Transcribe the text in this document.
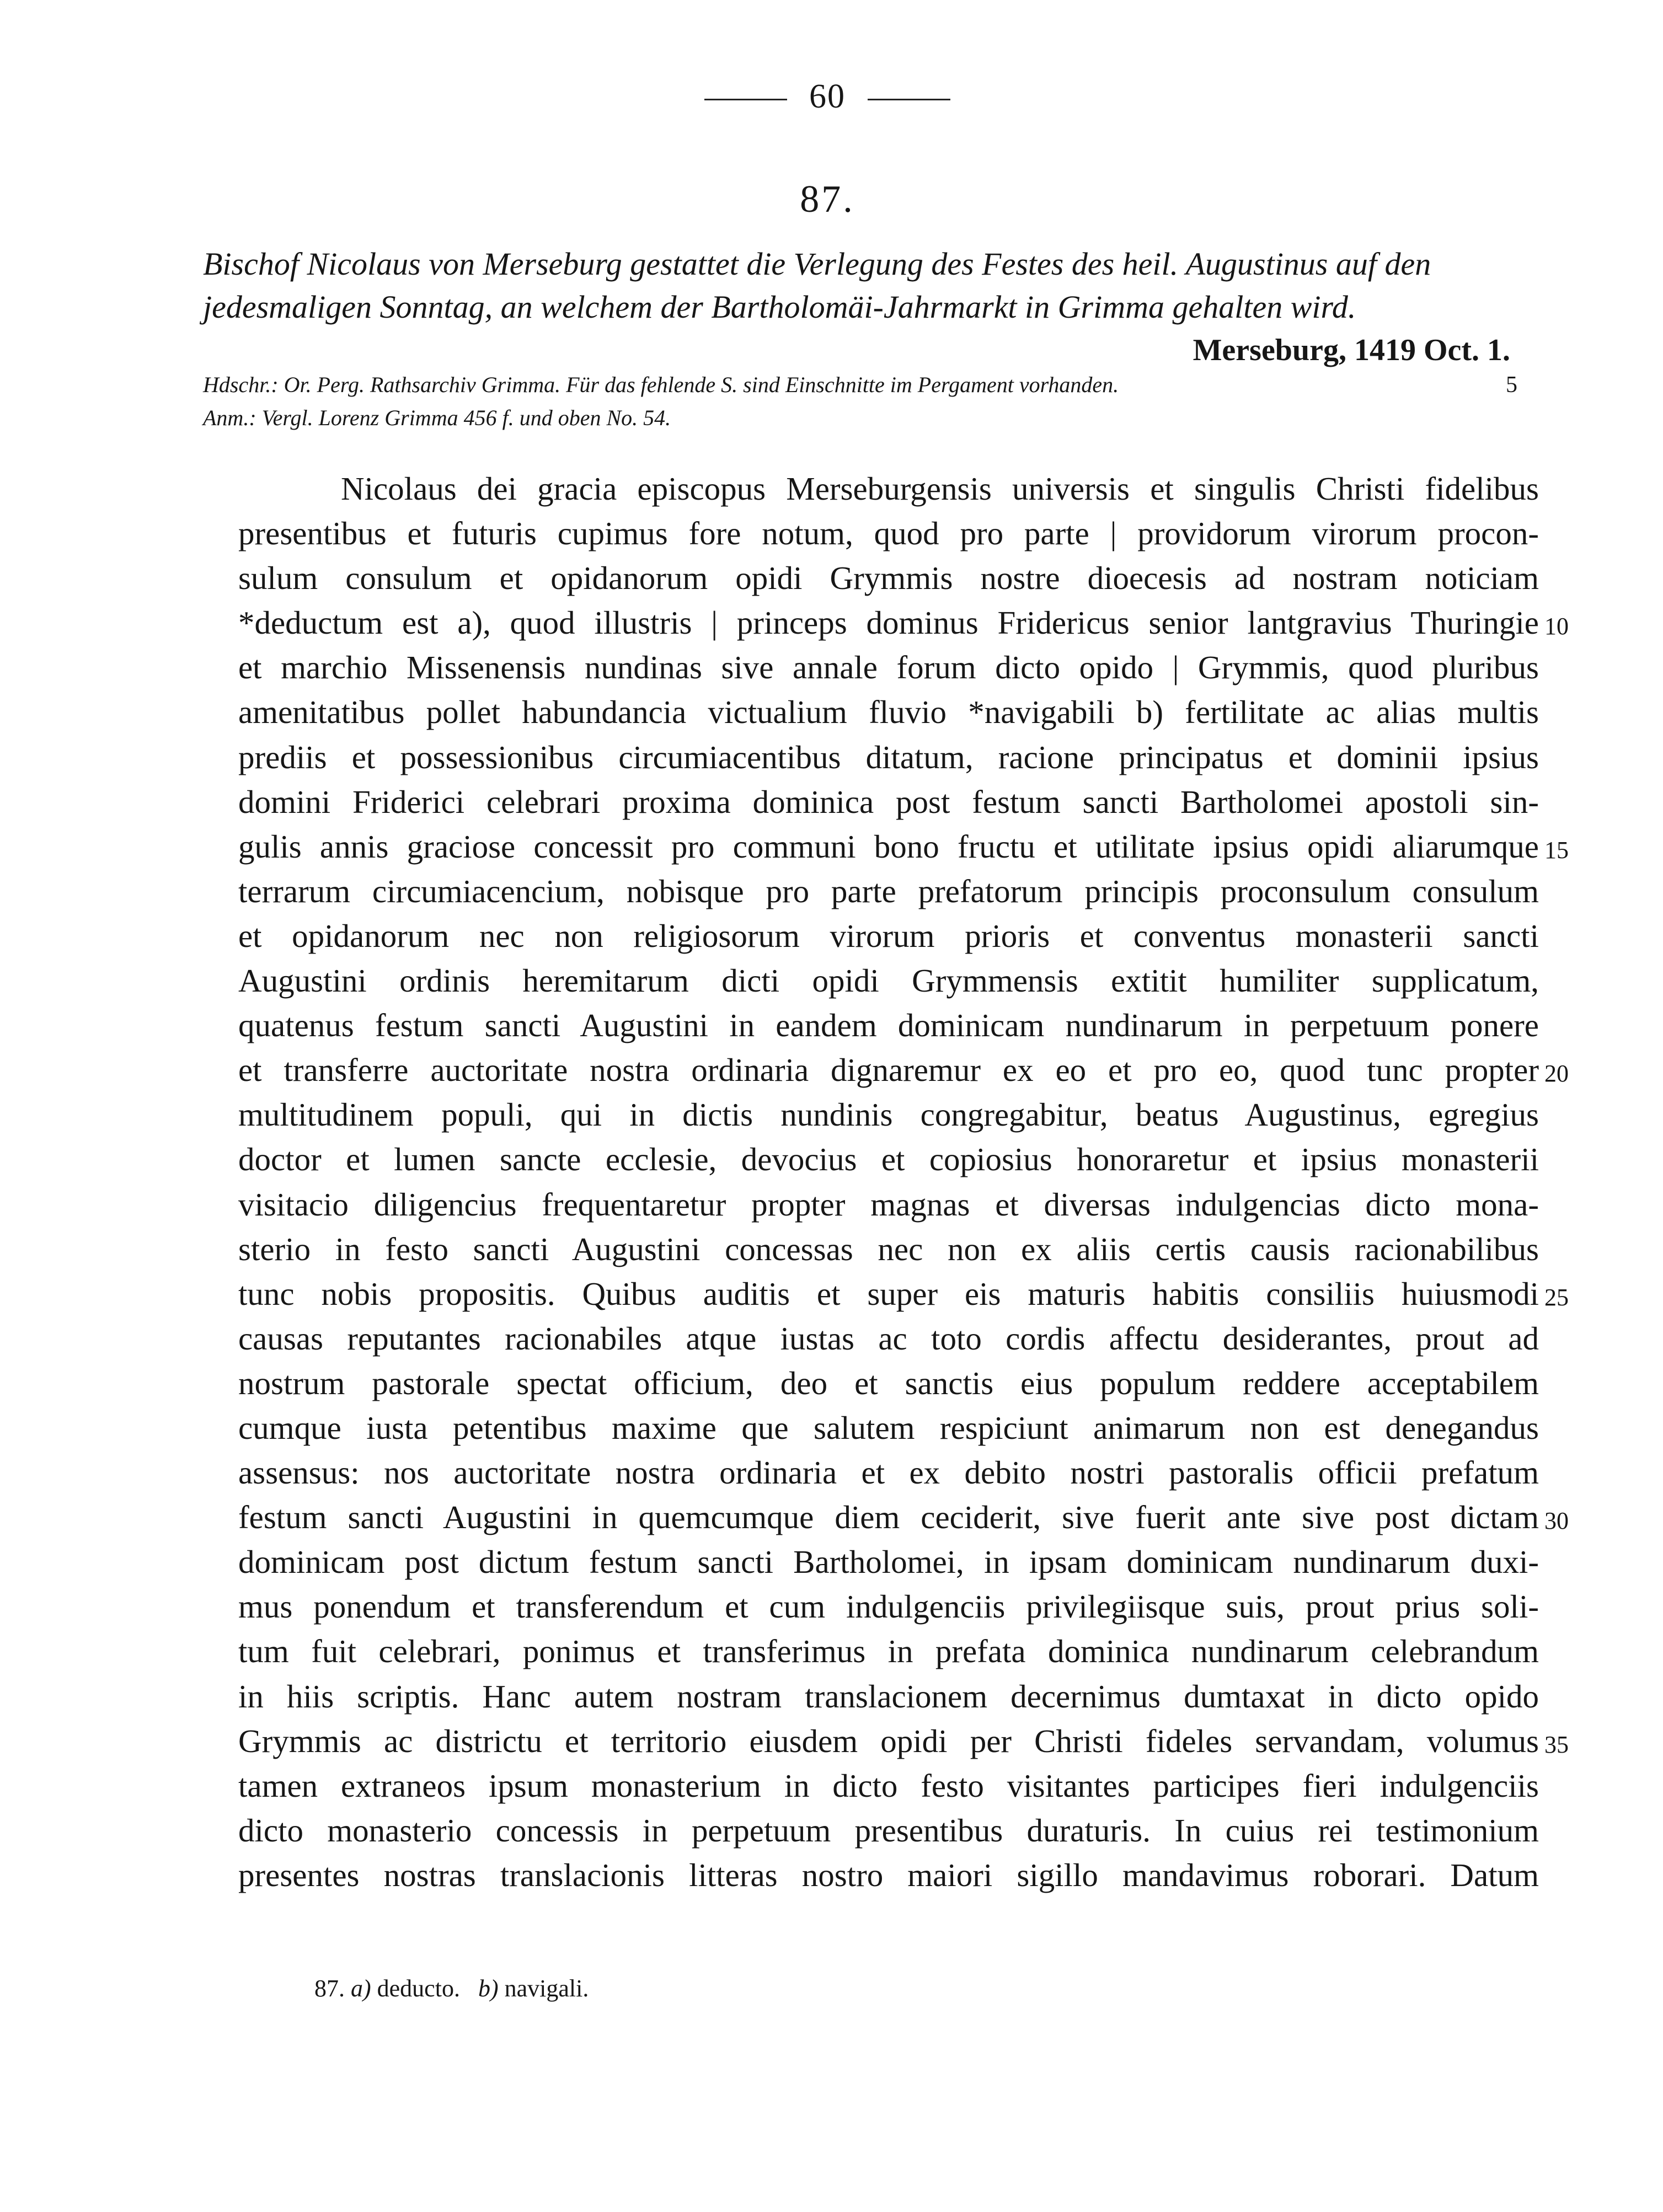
60
87.
Bischof Nicolaus von Merseburg gestattet die Verlegung des Festes des heil. Augustinus auf den
jedesmaligen Sonntag, an welchem der Bartholomäi-Jahrmarkt in Grimma gehalten wird.
Merseburg, 1419 Oct. 1.
Hdschr.: Or. Perg. Rathsarchiv Grimma. Für das fehlende S. sind Einschnitte im Pergament vorhanden.	5
Anm.: Vergl. Lorenz Grimma 456 f. und oben No. 54.
Nicolaus dei gracia episcopus Merseburgensis universis et singulis Christi fidelibus
presentibus et futuris cupimus fore notum, quod pro parte | providorum virorum procon-
sulum consulum et opidanorum opidi Grymmis nostre dioecesis ad nostram noticiam
*deductum est a), quod illustris | princeps dominus Fridericus senior lantgravius Thuringie 10
et marchio Missenensis nundinas sive annale forum dicto opido | Grymmis, quod pluribus
amenitatibus pollet habundancia victualium fluvio *navigabili b) fertilitate ac alias multis
prediis et possessionibus circumiacentibus ditatum, racione principatus et dominii ipsius
domini Friderici celebrari proxima dominica post festum sancti Bartholomei apostoli sin-
gulis annis graciose concessit pro communi bono fructu et utilitate ipsius opidi aliarumque 15
terrarum circumiacencium, nobisque pro parte prefatorum principis proconsulum consulum
et opidanorum nec non religiosorum virorum prioris et conventus monasterii sancti
Augustini ordinis heremitarum dicti opidi Grymmensis extitit humiliter supplicatum,
quatenus festum sancti Augustini in eandem dominicam nundinarum in perpetuum ponere
et transferre auctoritate nostra ordinaria dignaremur ex eo et pro eo, quod tunc propter 20
multitudinem populi, qui in dictis nundinis congregabitur, beatus Augustinus, egregius
doctor et lumen sancte ecclesie, devocius et copiosius honoraretur et ipsius monasterii
visitacio diligencius frequentaretur propter magnas et diversas indulgencias dicto mona-
sterio in festo sancti Augustini concessas nec non ex aliis certis causis racionabilibus
tunc nobis propositis. Quibus auditis et super eis maturis habitis consiliis huiusmodi 25
causas reputantes racionabiles atque iustas ac toto cordis affectu desiderantes, prout ad
nostrum pastorale spectat officium, deo et sanctis eius populum reddere acceptabilem
cumque iusta petentibus maxime que salutem respiciunt animarum non est denegandus
assensus: nos auctoritate nostra ordinaria et ex debito nostri pastoralis officii prefatum
festum sancti Augustini in quemcumque diem ceciderit, sive fuerit ante sive post dictam 30
dominicam post dictum festum sancti Bartholomei, in ipsam dominicam nundinarum duxi-
mus ponendum et transferendum et cum indulgenciis privilegiisque suis, prout prius soli-
tum fuit celebrari, ponimus et transferimus in prefata dominica nundinarum celebrandum
in hiis scriptis. Hanc autem nostram translacionem decernimus dumtaxat in dicto opido
Grymmis ac districtu et territorio eiusdem opidi per Christi fideles servandam, volumus 35
tamen extraneos ipsum monasterium in dicto festo visitantes participes fieri indulgenciis
dicto monasterio concessis in perpetuum presentibus duraturis. In cuius rei testimonium
presentes nostras translacionis litteras nostro maiori sigillo mandavimus roborari. Datum
87. a) deducto. b) navigali.
